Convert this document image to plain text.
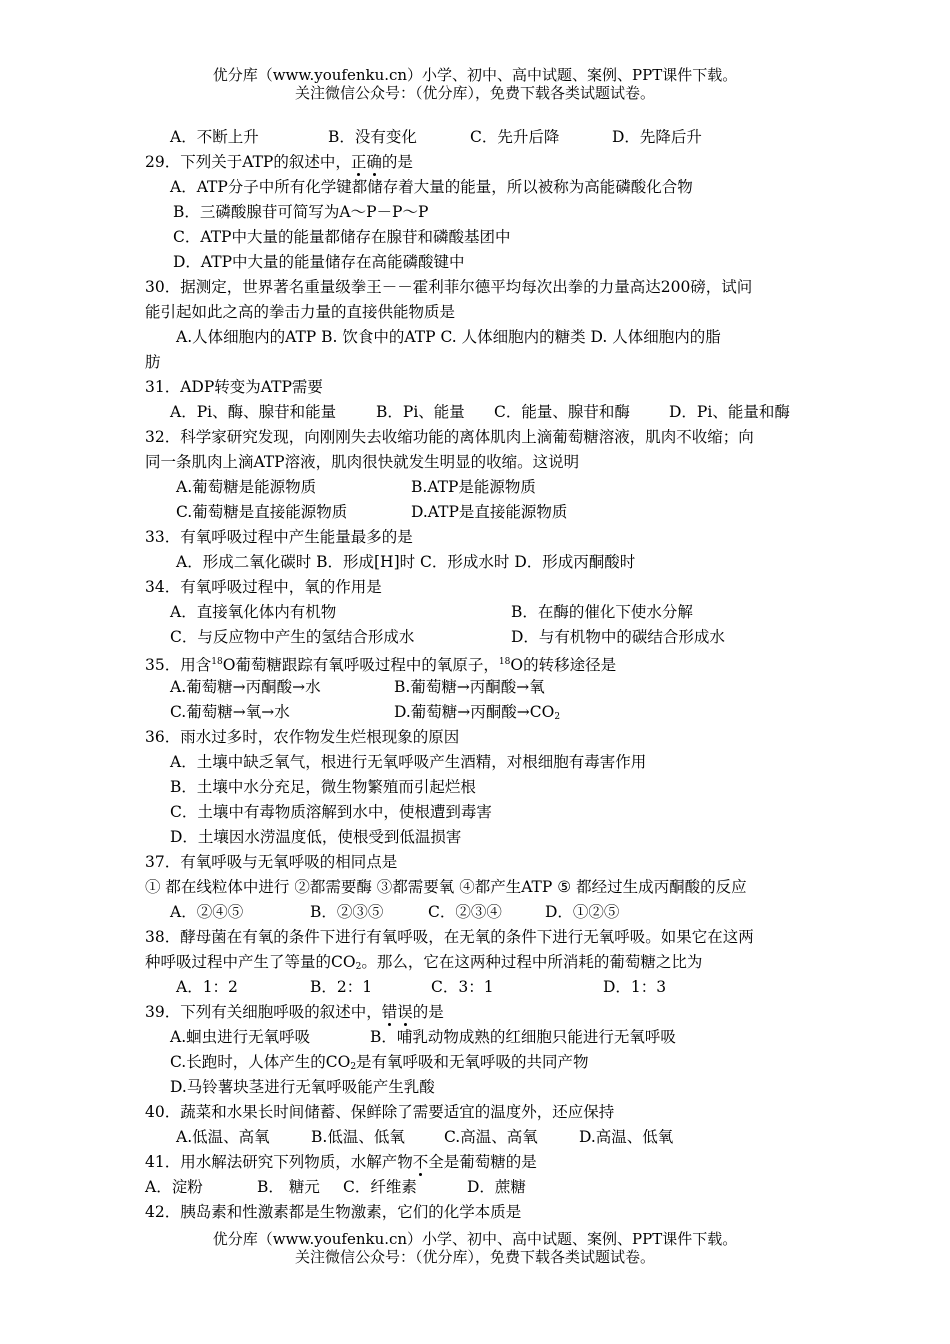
优分库（www.youfenku.cn）小学、初中、高中试题、案例、PPT课件下载。
关注微信公众号：（优分库），免费下载各类试题试卷。
A．不断上升	B．没有变化	C．先升后降	D．先降后升
29．下列关于ATP的叙述中，正确的是
A．ATP分子中所有化学键都储存着大量的能量，所以被称为高能磷酸化合物
B．三磷酸腺苷可简写为A～P－P～P
C．ATP中大量的能量都储存在腺苷和磷酸基团中
D．ATP中大量的能量储存在高能磷酸键中
30．据测定，世界著名重量级拳王－－霍利菲尔德平均每次出拳的力量高达200磅，试问
能引起如此之高的拳击力量的直接供能物质是
A.人体细胞内的ATP B. 饮食中的ATP C. 人体细胞内的糖类 D. 人体细胞内的脂
肪
31．ADP转变为ATP需要
A．Pi、酶、腺苷和能量	B．Pi、能量 C．能量、腺苷和酶	D．Pi、能量和酶
32．科学家研究发现，向刚刚失去收缩功能的离体肌肉上滴葡萄糖溶液，肌肉不收缩；向
同一条肌肉上滴ATP溶液，肌肉很快就发生明显的收缩。这说明
A.葡萄糖是能源物质	B.ATP是能源物质
C.葡萄糖是直接能源物质	D.ATP是直接能源物质
33．有氧呼吸过程中产生能量最多的是
A．形成二氧化碳时 B．形成[H]时 C．形成水时 D．形成丙酮酸时
34．有氧呼吸过程中，氧的作用是
A．直接氧化体内有机物	B．在酶的催化下使水分解
C．与反应物中产生的氢结合形成水	D．与有机物中的碳结合形成水
35．用含$^{18}$O葡萄糖跟踪有氧呼吸过程中的氧原子，$^{18}$O的转移途径是
A.葡萄糖→丙酮酸→水	B.葡萄糖→丙酮酸→氧
C.葡萄糖→氧→水	D.葡萄糖→丙酮酸$\to CO_2$
36．雨水过多时，农作物发生烂根现象的原因
A．土壤中缺乏氧气，根进行无氧呼吸产生酒精，对根细胞有毒害作用
B．土壤中水分充足，微生物繁殖而引起烂根
C．土壤中有毒物质溶解到水中，使根遭到毒害
D．土壤因水涝温度低，使根受到低温损害
37．有氧呼吸与无氧呼吸的相同点是
① 都在线粒体中进行 ②都需要酶 ③都需要氧 ④都产生ATP ⑤ 都经过生成丙酮酸的反应
A．②④⑤	B．②③⑤	C．②③④	D．①②⑤
38．酵母菌在有氧的条件下进行有氧呼吸，在无氧的条件下进行无氧呼吸。如果它在这两
种呼吸过程中产生了等量的$CO_2$。那么，它在这两种过程中所消耗的葡萄糖之比为
A．1：2	B．2：1	C．3：1	D．1：3
39．下列有关细胞呼吸的叙述中，错误的是
A.蛔虫进行无氧呼吸	B．哺乳动物成熟的红细胞只能进行无氧呼吸
C.长跑时，人体产生的$CO_2$是有氧呼吸和无氧呼吸的共同产物
D.马铃薯块茎进行无氧呼吸能产生乳酸
40．蔬菜和水果长时间储蓄、保鲜除了需要适宜的温度外，还应保持
A.低温、高氧	B.低温、低氧	C.高温、高氧	D.高温、低氧
41．用水解法研究下列物质，水解产物不全是葡萄糖的是
A．淀粉	B． 糖元 C．纤维素	D．蔗糖
42．胰岛素和性激素都是生物激素，它们的化学本质是
优分库（www.youfenku.cn）小学、初中、高中试题、案例、PPT课件下载。
关注微信公众号：（优分库），免费下载各类试题试卷。
